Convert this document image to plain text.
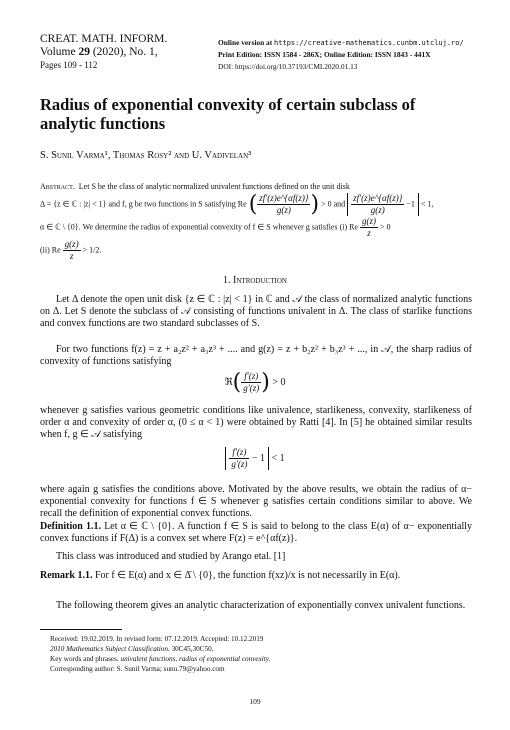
CREAT. MATH. INFORM.
Volume 29 (2020), No. 1,
Pages 109 - 112
Online version at https://creative-mathematics.cunbm.utcluj.ro/
Print Edition: ISSN 1584 - 286X; Online Edition: ISSN 1843 - 441X
DOI: https://doi.org/10.37193/CMI.2020.01.13
Radius of exponential convexity of certain subclass of analytic functions
S. Sunil Varma¹, Thomas Rosy² and U. Vadivelan³
Abstract. Let S be the class of analytic normalized univalent functions defined on the unit disk
Δ = {z ∈ ℂ : |z| < 1} and f, g be two functions in S satisfying Re ( $\frac{zf'(z)e\^{}\{\alpha f(z)\}}{g(z)}$ ) > 0 and $\frac{zf'(z)e\^{}\{\alpha f(z)\}}{g(z)} -1 < 1$,
α ∈ ℂ \ {0}. We determine the radius of exponential convexity of f ∈ S whenever g satisfies (i) Re $\frac{g(z)}{z} > 0$
(ii) Re $\frac{g(z)}{z} > 1/2$.
1. Introduction
Let Δ denote the open unit disk {z ∈ ℂ : |z| < 1} in ℂ and 𝒜 the class of normalized analytic functions on Δ. Let S denote the subclass of 𝒜 consisting of functions univalent in Δ. The class of starlike functions and convex functions are two standard subclasses of S.
For two functions f(z) = z + a₂z² + a₃z³ + .... and g(z) = z + b₂z² + b₃z³ + ..., in 𝒜, the sharp radius of convexity of functions satisfying
ℜ( $\frac{f'(z)}{g'(z)}$ ) > 0
whenever g satisfies various geometric conditions like univalence, starlikeness, convexity, starlikeness of order α and convexity of order α, (0 ≤ α < 1) were obtained by Ratti [4]. In [5] he obtained similar results when f, g ∈ 𝒜 satisfying
$\frac{f'(z)}{g'(z)} - 1 < 1$
where again g satisfies the conditions above. Motivated by the above results, we obtain the radius of α− exponential convexity for functions f ∈ S whenever g satisfies certain conditions similar to above. We recall the definition of exponential convex functions.
Definition 1.1. Let α ∈ ℂ \ {0}. A function f ∈ S is said to belong to the class E(α) of α− exponentially convex functions if F(Δ) is a convex set where F(z) = e^{αf(z)}.
This class was introduced and studied by Arango etal. [1]
Remark 1.1. For f ∈ E(α) and x ∈ Δ̄ \ {0}, the function f(xz)/x is not necessarily in E(α).
The following theorem gives an analytic characterization of exponentially convex univalent functions.
Received: 19.02.2019. In revised form: 07.12.2019. Accepted: 10.12.2019
2010 Mathematics Subject Classification. 30C45,30C50.
Key words and phrases. univalent functions, radius of exponential convexity.
Corresponding author: S. Sunil Varma; sunu.79@yahoo.com
109
